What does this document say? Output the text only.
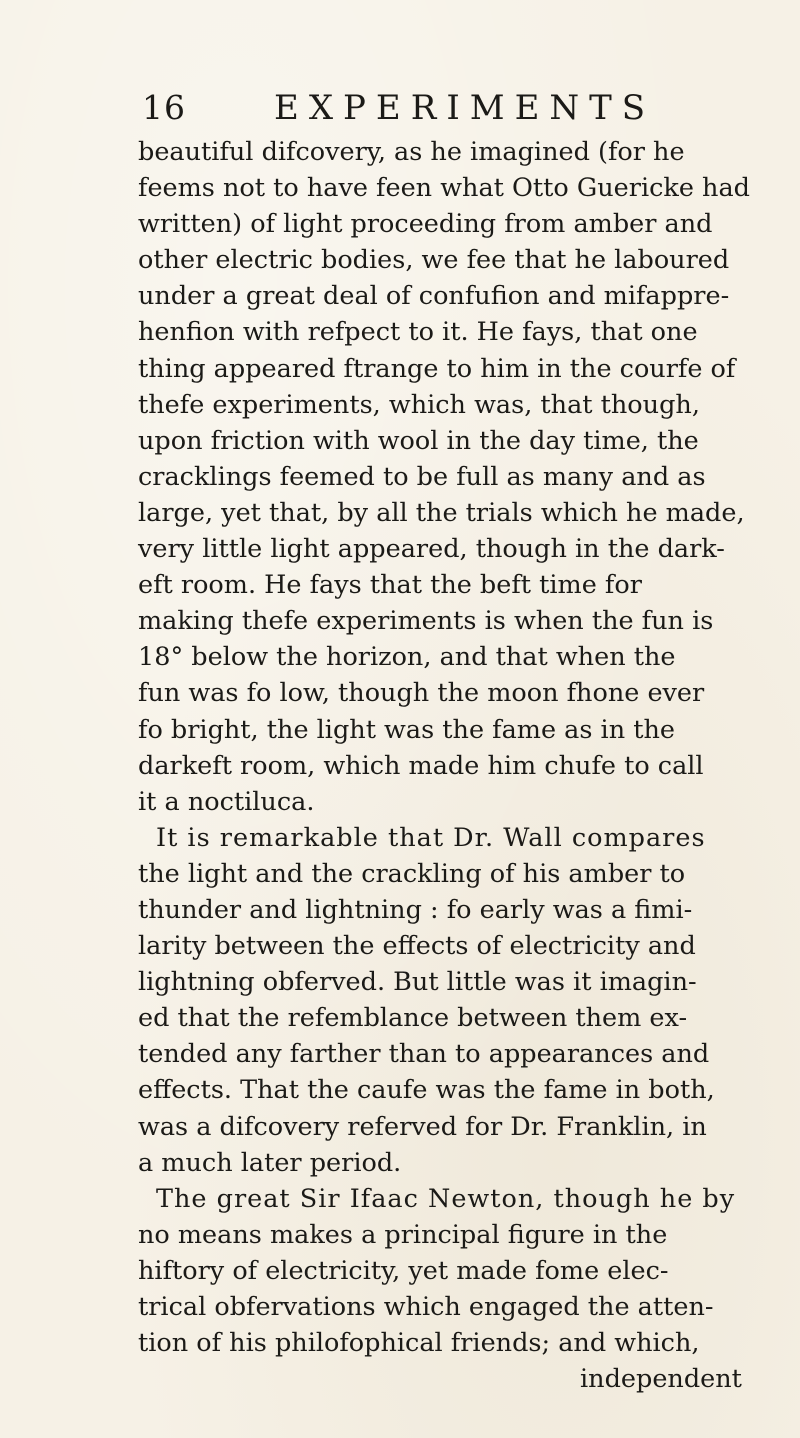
16	EXPERIMENTS
beautiful difcovery, as he imagined (for he
feems not to have feen what Otto Guericke had
written) of light proceeding from amber and
other electric bodies, we fee that he laboured
under a great deal of confufion and mifappre-
henfion with refpect to it. He fays, that one
thing appeared ftrange to him in the courfe of
thefe experiments, which was, that though,
upon friction with wool in the day time, the
cracklings feemed to be full as many and as
large, yet that, by all the trials which he made,
very little light appeared, though in the dark-
eft room. He fays that the beft time for
making thefe experiments is when the fun is
18° below the horizon, and that when the
fun was fo low, though the moon fhone ever
fo bright, the light was the fame as in the
darkeft room, which made him chufe to call
it a noctiluca.
It is remarkable that Dr. Wall compares
the light and the crackling of his amber to
thunder and lightning : fo early was a fimi-
larity between the effects of electricity and
lightning obferved. But little was it imagin-
ed that the refemblance between them ex-
tended any farther than to appearances and
effects. That the caufe was the fame in both,
was a difcovery referved for Dr. Franklin, in
a much later period.
The great Sir Ifaac Newton, though he by
no means makes a principal figure in the
hiftory of electricity, yet made fome elec-
trical obfervations which engaged the atten-
tion of his philofophical friends; and which,
independent
